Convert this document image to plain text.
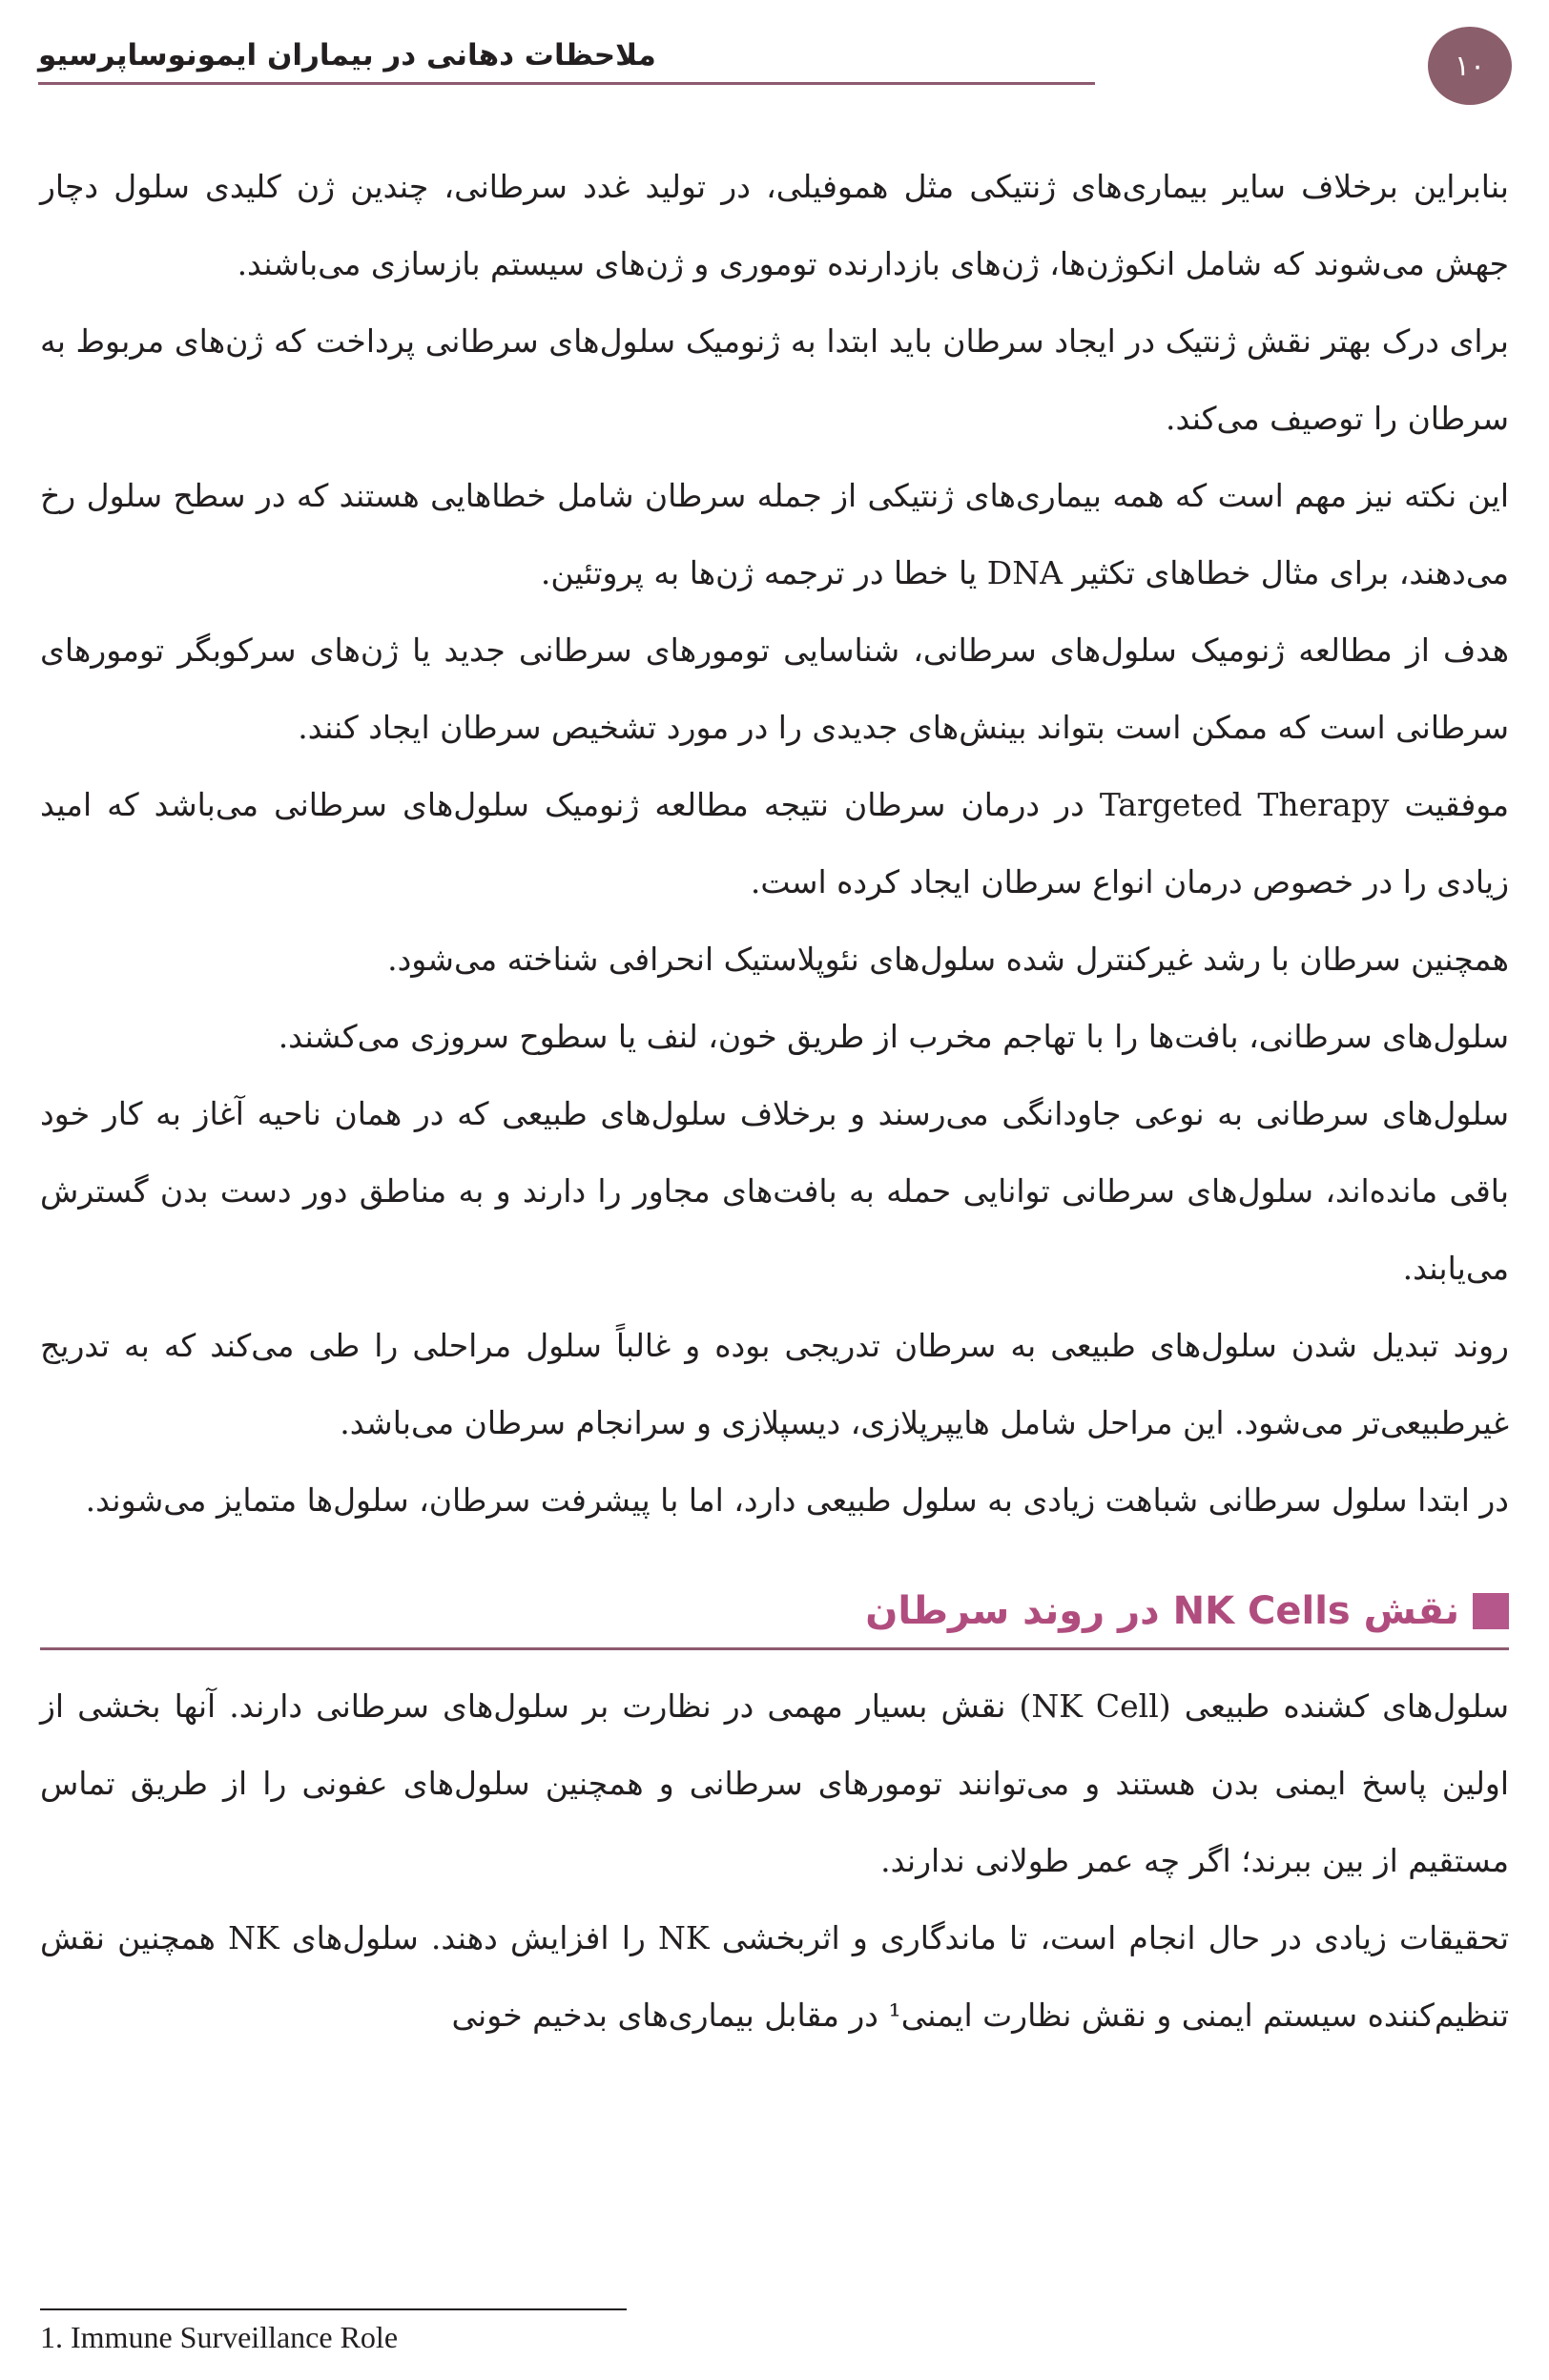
ملاحظات دهانی در بیماران ایمونوساپرسیو	۱۰

بنابراین برخلاف سایر بیماری‌های ژنتیکی مثل هموفیلی، در تولید غدد سرطانی، چندین ژن کلیدی سلول دچار جهش می‌شوند که شامل انکوژن‌ها، ژن‌های بازدارنده توموری و ژن‌های سیستم بازسازی می‌باشند.

برای درک بهتر نقش ژنتیک در ایجاد سرطان باید ابتدا به ژنومیک سلول‌های سرطانی پرداخت که ژن‌های مربوط به سرطان را توصیف می‌کند.

این نکته نیز مهم است که همه بیماری‌های ژنتیکی از جمله سرطان شامل خطاهایی هستند که در سطح سلول رخ می‌دهند، برای مثال خطاهای تکثیر DNA یا خطا در ترجمه ژن‌ها به پروتئین.

هدف از مطالعه ژنومیک سلول‌های سرطانی، شناسایی تومورهای سرطانی جدید یا ژن‌های سرکوبگر تومورهای سرطانی است که ممکن است بتواند بینش‌های جدیدی را در مورد تشخیص سرطان ایجاد کنند.

موفقیت Targeted Therapy در درمان سرطان نتیجه مطالعه ژنومیک سلول‌های سرطانی می‌باشد که امید زیادی را در خصوص درمان انواع سرطان ایجاد کرده است.

همچنین سرطان با رشد غیرکنترل شده سلول‌های نئوپلاستیک انحرافی شناخته می‌شود.

سلول‌های سرطانی، بافت‌ها را با تهاجم مخرب از طریق خون، لنف یا سطوح سروزی می‌کشند.

سلول‌های سرطانی به نوعی جاودانگی می‌رسند و برخلاف سلول‌های طبیعی که در همان ناحیه آغاز به کار خود باقی مانده‌اند، سلول‌های سرطانی توانایی حمله به بافت‌های مجاور را دارند و به مناطق دور دست بدن گسترش می‌یابند.

روند تبدیل شدن سلول‌های طبیعی به سرطان تدریجی بوده و غالباً سلول مراحلی را طی می‌کند که به تدریج غیرطبیعی‌تر می‌شود. این مراحل شامل هایپرپلازی، دیسپلازی و سرانجام سرطان می‌باشد.

در ابتدا سلول سرطانی شباهت زیادی به سلول طبیعی دارد، اما با پیشرفت سرطان، سلول‌ها متمایز می‌شوند.

نقش NK Cells در روند سرطان

سلول‌های کشنده طبیعی (NK Cell) نقش بسیار مهمی در نظارت بر سلول‌های سرطانی دارند. آنها بخشی از اولین پاسخ ایمنی بدن هستند و می‌توانند تومورهای سرطانی و همچنین سلول‌های عفونی را از طریق تماس مستقیم از بین ببرند؛ اگر چه عمر طولانی ندارند.

تحقیقات زیادی در حال انجام است، تا ماندگاری و اثربخشی NK را افزایش دهند. سلول‌های NK همچنین نقش تنظیم‌کننده سیستم ایمنی و نقش نظارت ایمنی¹ در مقابل بیماری‌های بدخیم خونی

1. Immune Surveillance Role
